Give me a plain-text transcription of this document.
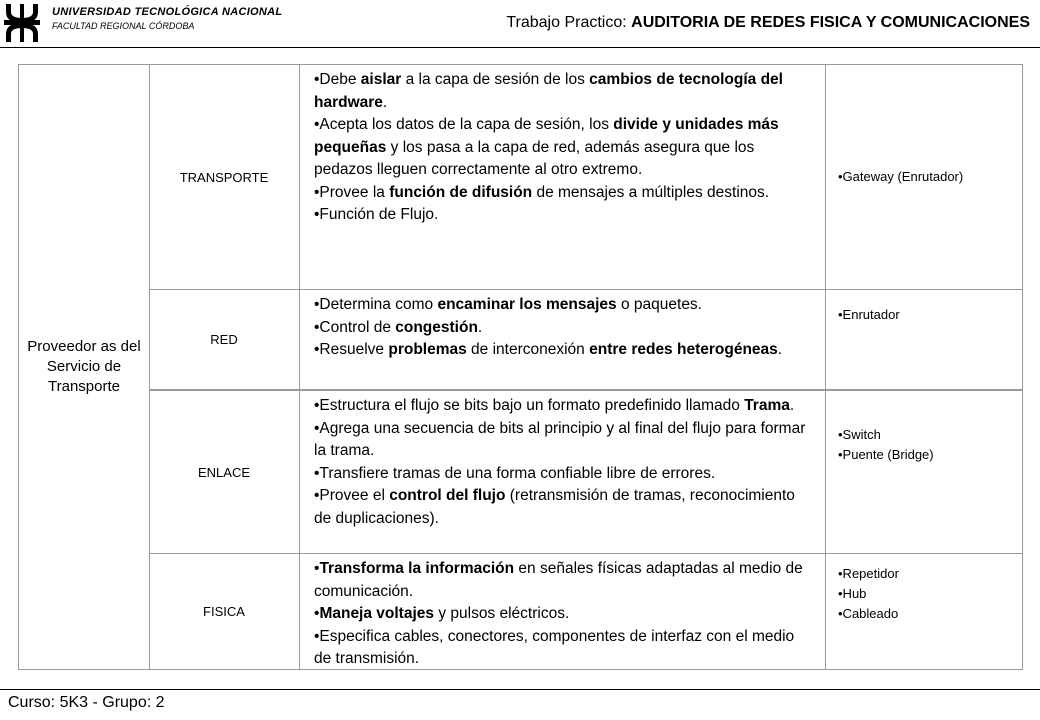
UNIVERSIDAD TECNOLÓGICA NACIONAL
FACULTAD REGIONAL CÓRDOBA	Trabajo Practico: AUDITORIA DE REDES FISICA Y COMUNICACIONES
Proveedor as del Servicio de Transporte
TRANSPORTE

•Debe aislar a la capa de sesión de los cambios de tecnología del hardware.

•Acepta los datos de la capa de sesión, los divide y unidades más pequeñas y los pasa a la capa de red, además asegura que los pedazos lleguen correctamente al otro extremo.

•Provee la función de difusión de mensajes a múltiples destinos.

•Función de Flujo.

•Gateway (Enrutador)
RED

•Determina como encaminar los mensajes o paquetes.

•Control de congestión.

•Resuelve problemas de interconexión entre redes heterogéneas.

•Enrutador
ENLACE

•Estructura el flujo se bits bajo un formato predefinido llamado Trama.

•Agrega una secuencia de bits al principio y al final del flujo para formar la trama.

•Transfiere tramas de una forma confiable libre de errores.

•Provee el control del flujo (retransmisión de tramas, reconocimiento de duplicaciones).

•Switch
•Puente (Bridge)
FISICA

•Transforma la información en señales físicas adaptadas al medio de comunicación.

•Maneja voltajes y pulsos eléctricos.

•Especifica cables, conectores, componentes de interfaz con el medio de transmisión.

•Repetidor
•Hub
•Cableado
Curso: 5K3 - Grupo: 2
